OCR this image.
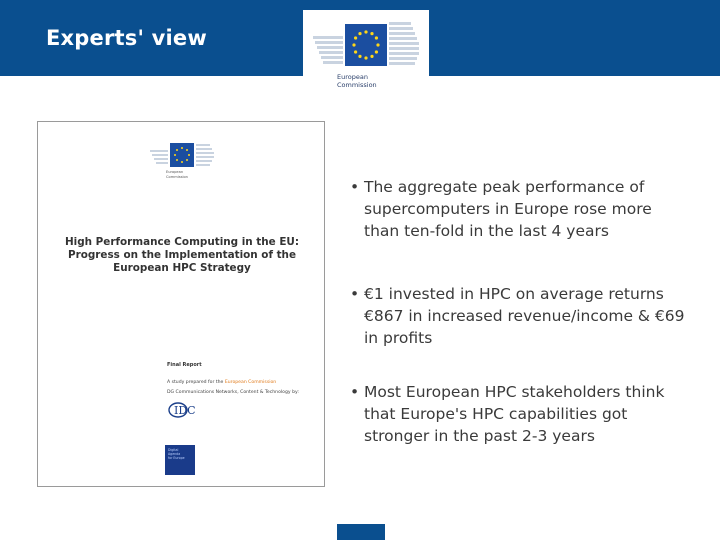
Experts' view
European
Commission
European
Commission
High Performance Computing in the EU:
Progress on the Implementation of the
European HPC Strategy
Final Report
A study prepared for the European Commission
DG Communications Networks, Content & Technology by:
IDC
Digital
Agenda
for Europe
• The aggregate peak performance of supercomputers in Europe rose more than ten-fold in the last 4 years
• €1 invested in HPC on average returns €867 in increased revenue/income & €69 in profits
• Most European HPC stakeholders think that Europe's HPC capabilities got stronger in the past 2-3 years
